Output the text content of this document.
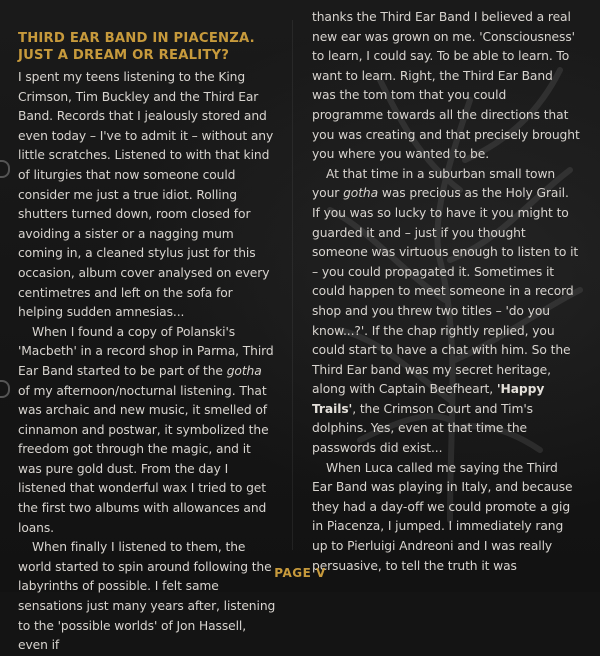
THIRD EAR BAND IN PIACENZA.
JUST A DREAM OR REALITY?

I spent my teens listening to the King Crimson, Tim Buckley and the Third Ear Band. Records that I jealously stored and even today – I've to admit it – without any little scratches. Listened to with that kind of liturgies that now someone could consider me just a true idiot. Rolling shutters turned down, room closed for avoiding a sister or a nagging mum coming in, a cleaned stylus just for this occasion, album cover analysed on every centimetres and left on the sofa for helping sudden amnesias...

When I found a copy of Polanski's 'Macbeth' in a record shop in Parma, Third Ear Band started to be part of the gotha of my afternoon/nocturnal listening. That was archaic and new music, it smelled of cinnamon and postwar, it symbolized the freedom got through the magic, and it was pure gold dust. From the day I listened that wonderful wax I tried to get the first two albums with allowances and loans.

When finally I listened to them, the world started to spin around following the labyrinths of possible. I felt same sensations just many years after, listening to the 'possible worlds' of Jon Hassell, even if

thanks the Third Ear Band I believed a real new ear was grown on me. 'Consciousness' to learn, I could say. To be able to learn. To want to learn. Right, the Third Ear Band was the tom tom that you could programme towards all the directions that you was creating and that precisely brought you where you wanted to be.

At that time in a suburban small town your gotha was precious as the Holy Grail. If you was so lucky to have it you might to guarded it and – just if you thought someone was virtuous enough to listen to it – you could propagated it. Sometimes it could happen to meet someone in a record shop and you threw two titles – 'do you know...?'. If the chap rightly replied, you could start to have a chat with him. So the Third Ear band was my secret heritage, along with Captain Beefheart, 'Happy Trails', the Crimson Court and Tim's dolphins. Yes, even at that time the passwords did exist...

When Luca called me saying the Third Ear Band was playing in Italy, and because they had a day-off we could promote a gig in Piacenza, I jumped. I immediately rang up to Pierluigi Andreoni and I was really persuasive, to tell the truth it was

PAGE V
